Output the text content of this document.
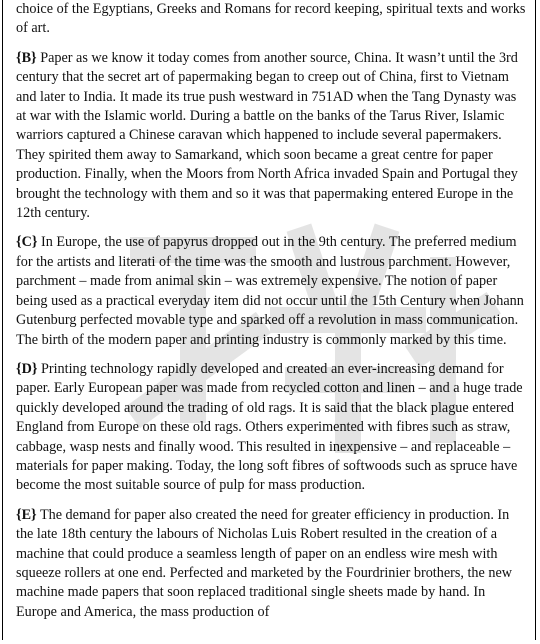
choice of the Egyptians, Greeks and Romans for record keeping, spiritual texts and works of art.

{B} Paper as we know it today comes from another source, China. It wasn’t until the 3rd century that the secret art of papermaking began to creep out of China, first to Vietnam and later to India. It made its true push westward in 751AD when the Tang Dynasty was at war with the Islamic world. During a battle on the banks of the Tarus River, Islamic warriors captured a Chinese caravan which happened to include several papermakers. They spirited them away to Samarkand, which soon became a great centre for paper production. Finally, when the Moors from North Africa invaded Spain and Portugal they brought the technology with them and so it was that papermaking entered Europe in the 12th century.

{C} In Europe, the use of papyrus dropped out in the 9th century. The preferred medium for the artists and literati of the time was the smooth and lustrous parchment. However, parchment – made from animal skin – was extremely expensive. The notion of paper being used as a practical everyday item did not occur until the 15th Century when Johann Gutenburg perfected movable type and sparked off a revolution in mass communication. The birth of the modern paper and printing industry is commonly marked by this time.

{D} Printing technology rapidly developed and created an ever-increasing demand for paper. Early European paper was made from recycled cotton and linen – and a huge trade quickly developed around the trading of old rags. It is said that the black plague entered England from Europe on these old rags. Others experimented with fibres such as straw, cabbage, wasp nests and finally wood. This resulted in inexpensive – and replaceable – materials for paper making. Today, the long soft fibres of softwoods such as spruce have become the most suitable source of pulp for mass production.

{E} The demand for paper also created the need for greater efficiency in production. In the late 18th century the labours of Nicholas Luis Robert resulted in the creation of a machine that could produce a seamless length of paper on an endless wire mesh with squeeze rollers at one end. Perfected and marketed by the Fourdrinier brothers, the new machine made papers that soon replaced traditional single sheets made by hand. In Europe and America, the mass production of
